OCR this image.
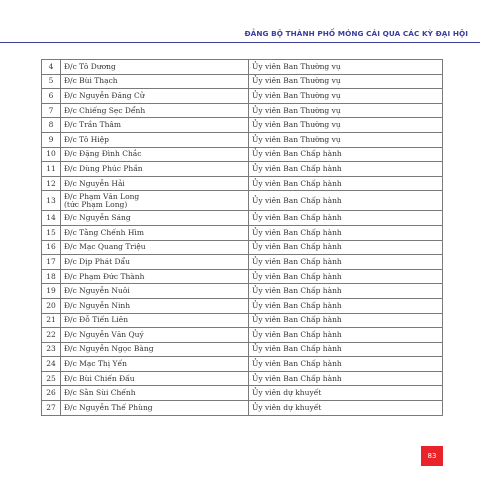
ĐẢNG BỘ THÀNH PHỐ MÓNG CÁI QUA CÁC KỲ ĐẠI HỘI
4	Đ/c Tô Dương	Ủy viên Ban Thường vụ
5	Đ/c Bùi Thạch	Ủy viên Ban Thường vụ
6	Đ/c Nguyễn Đăng Cử	Ủy viên Ban Thường vụ
7	Đ/c Chiếng Sẹc Dểnh	Ủy viên Ban Thường vụ
8	Đ/c Trần Thâm	Ủy viên Ban Thường vụ
9	Đ/c Tô Hiệp	Ủy viên Ban Thường vụ
10	Đ/c Đặng Đình Chắc	Ủy viên Ban Chấp hành
11	Đ/c Dùng Phúc Phần	Ủy viên Ban Chấp hành
12	Đ/c Nguyễn Hải	Ủy viên Ban Chấp hành
13	Đ/c Phạm Văn Long
(tức Phạm Long)	Ủy viên Ban Chấp hành
14	Đ/c Nguyễn Sáng	Ủy viên Ban Chấp hành
15	Đ/c Tằng Chếnh Hìm	Ủy viên Ban Chấp hành
16	Đ/c Mạc Quang Triệu	Ủy viên Ban Chấp hành
17	Đ/c Dịp Phát Dẩu	Ủy viên Ban Chấp hành
18	Đ/c Phạm Đức Thành	Ủy viên Ban Chấp hành
19	Đ/c Nguyễn Nuôi	Ủy viên Ban Chấp hành
20	Đ/c Nguyễn Ninh	Ủy viên Ban Chấp hành
21	Đ/c Đỗ Tiến Liên	Ủy viên Ban Chấp hành
22	Đ/c Nguyễn Văn Quý	Ủy viên Ban Chấp hành
23	Đ/c Nguyễn Ngọc Bàng	Ủy viên Ban Chấp hành
24	Đ/c Mạc Thị Yến	Ủy viên Ban Chấp hành
25	Đ/c Bùi Chiến Đấu	Ủy viên Ban Chấp hành
26	Đ/c Sằn Sùi Chếnh	Ủy viên dự khuyết
27	Đ/c Nguyễn Thế Phùng	Ủy viên dự khuyết
83
